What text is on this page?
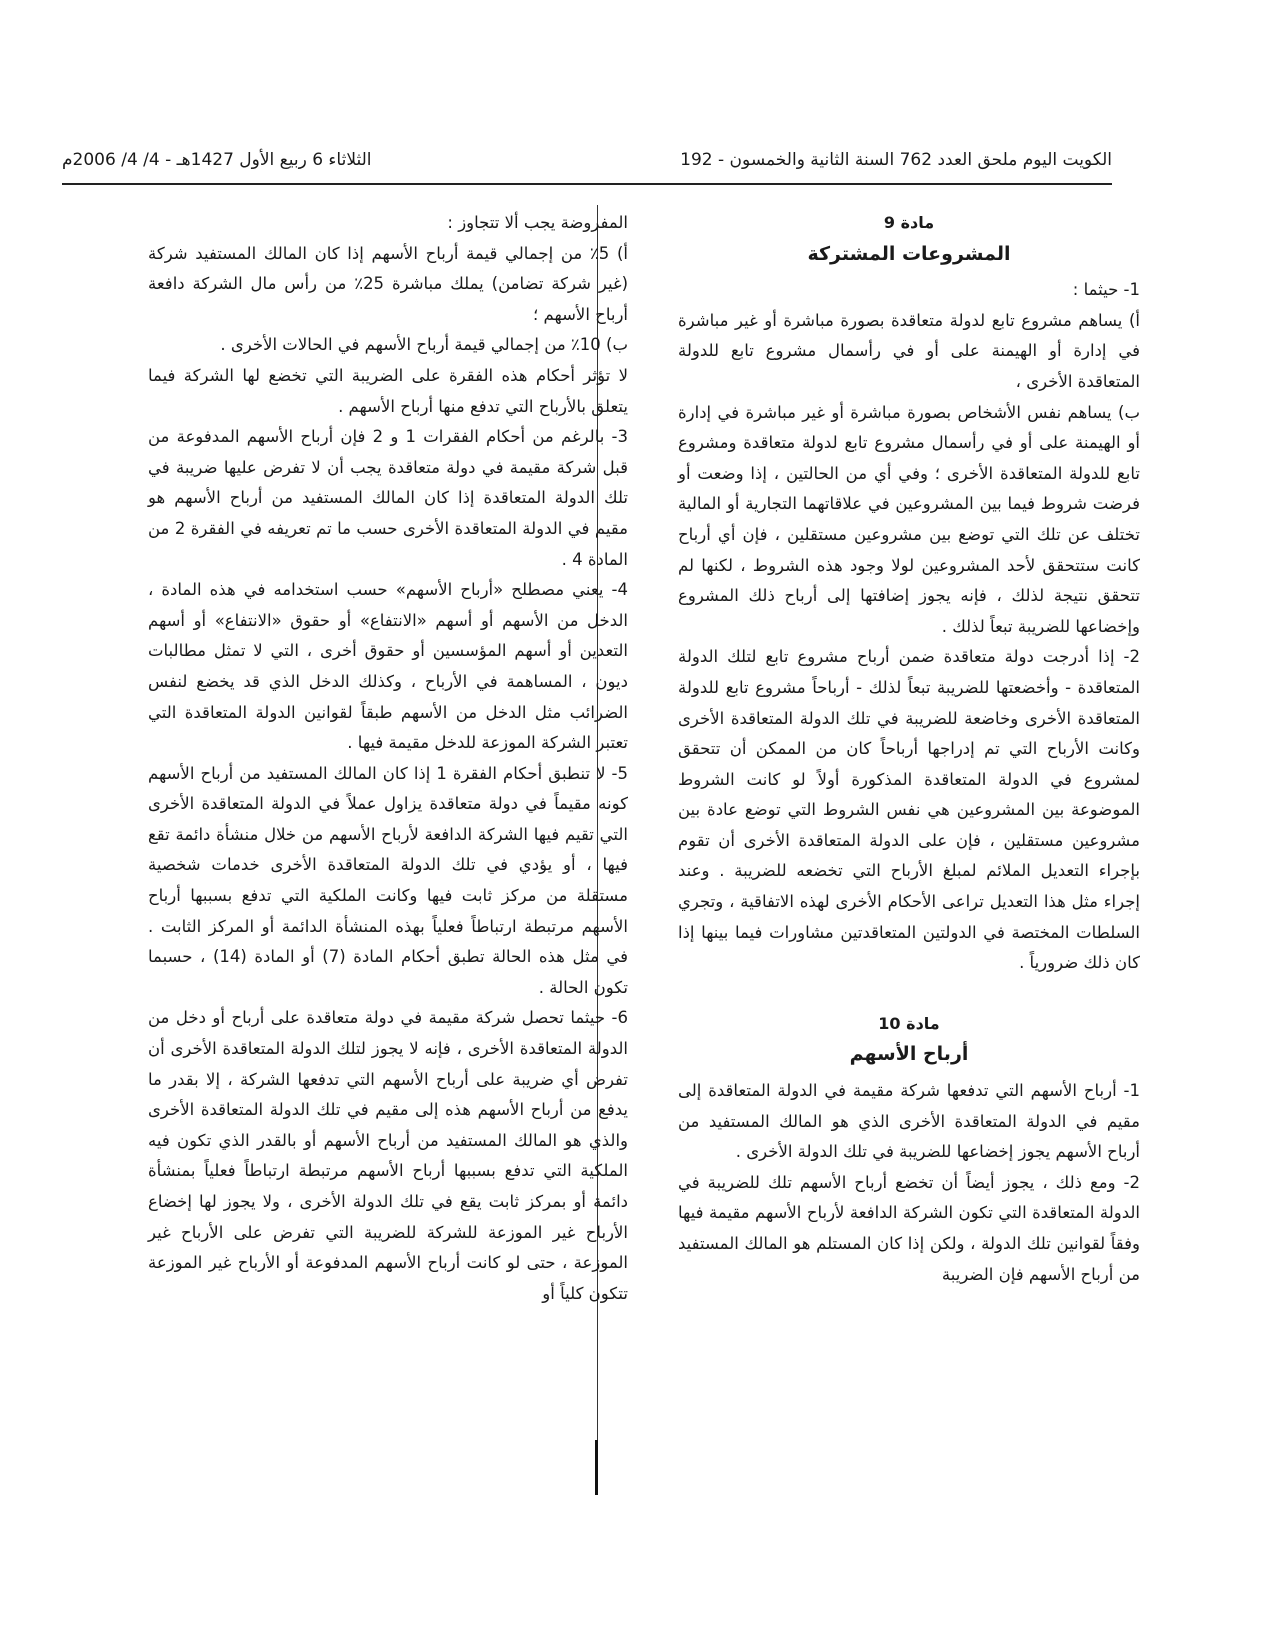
الكويت اليوم ملحق العدد 762 السنة الثانية والخمسون - 192
الثلاثاء 6 ربيع الأول 1427هـ - 4/ 4/ 2006م

مادة 9

المشروعات المشتركة

1- حيثما :

أ) يساهم مشروع تابع لدولة متعاقدة بصورة مباشرة أو غير مباشرة في إدارة أو الهيمنة على أو في رأسمال مشروع تابع للدولة المتعاقدة الأخرى ،

ب) يساهم نفس الأشخاص بصورة مباشرة أو غير مباشرة في إدارة أو الهيمنة على أو في رأسمال مشروع تابع لدولة متعاقدة ومشروع تابع للدولة المتعاقدة الأخرى ؛ وفي أي من الحالتين ، إذا وضعت أو فرضت شروط فيما بين المشروعين في علاقاتهما التجارية أو المالية تختلف عن تلك التي توضع بين مشروعين مستقلين ، فإن أي أرباح كانت ستتحقق لأحد المشروعين لولا وجود هذه الشروط ، لكنها لم تتحقق نتيجة لذلك ، فإنه يجوز إضافتها إلى أرباح ذلك المشروع وإخضاعها للضريبة تبعاً لذلك .

2- إذا أدرجت دولة متعاقدة ضمن أرباح مشروع تابع لتلك الدولة المتعاقدة - وأخضعتها للضريبة تبعاً لذلك - أرباحاً مشروع تابع للدولة المتعاقدة الأخرى وخاضعة للضريبة في تلك الدولة المتعاقدة الأخرى وكانت الأرباح التي تم إدراجها أرباحاً كان من الممكن أن تتحقق لمشروع في الدولة المتعاقدة المذكورة أولاً لو كانت الشروط الموضوعة بين المشروعين هي نفس الشروط التي توضع عادة بين مشروعين مستقلين ، فإن على الدولة المتعاقدة الأخرى أن تقوم بإجراء التعديل الملائم لمبلغ الأرباح التي تخضعه للضريبة . وعند إجراء مثل هذا التعديل تراعى الأحكام الأخرى لهذه الاتفاقية ، وتجري السلطات المختصة في الدولتين المتعاقدتين مشاورات فيما بينها إذا كان ذلك ضرورياً .

مادة 10

أرباح الأسهم

1- أرباح الأسهم التي تدفعها شركة مقيمة في الدولة المتعاقدة إلى مقيم في الدولة المتعاقدة الأخرى الذي هو المالك المستفيد من أرباح الأسهم يجوز إخضاعها للضريبة في تلك الدولة الأخرى .

2- ومع ذلك ، يجوز أيضاً أن تخضع أرباح الأسهم تلك للضريبة في الدولة المتعاقدة التي تكون الشركة الدافعة لأرباح الأسهم مقيمة فيها وفقاً لقوانين تلك الدولة ، ولكن إذا كان المستلم هو المالك المستفيد من أرباح الأسهم فإن الضريبة

المفروضة يجب ألا تتجاوز :

أ) 5٪ من إجمالي قيمة أرباح الأسهم إذا كان المالك المستفيد شركة (غير شركة تضامن) يملك مباشرة 25٪ من رأس مال الشركة دافعة أرباح الأسهم ؛

ب) 10٪ من إجمالي قيمة أرباح الأسهم في الحالات الأخرى .

لا تؤثر أحكام هذه الفقرة على الضريبة التي تخضع لها الشركة فيما يتعلق بالأرباح التي تدفع منها أرباح الأسهم .

3- بالرغم من أحكام الفقرات 1 و 2 فإن أرباح الأسهم المدفوعة من قبل شركة مقيمة في دولة متعاقدة يجب أن لا تفرض عليها ضريبة في تلك الدولة المتعاقدة إذا كان المالك المستفيد من أرباح الأسهم هو مقيم في الدولة المتعاقدة الأخرى حسب ما تم تعريفه في الفقرة 2 من المادة 4 .

4- يعني مصطلح «أرباح الأسهم» حسب استخدامه في هذه المادة ، الدخل من الأسهم أو أسهم «الانتفاع» أو حقوق «الانتفاع» أو أسهم التعدين أو أسهم المؤسسين أو حقوق أخرى ، التي لا تمثل مطالبات ديون ، المساهمة في الأرباح ، وكذلك الدخل الذي قد يخضع لنفس الضرائب مثل الدخل من الأسهم طبقاً لقوانين الدولة المتعاقدة التي تعتبر الشركة الموزعة للدخل مقيمة فيها .

5- لا تنطبق أحكام الفقرة 1 إذا كان المالك المستفيد من أرباح الأسهم كونه مقيماً في دولة متعاقدة يزاول عملاً في الدولة المتعاقدة الأخرى التي تقيم فيها الشركة الدافعة لأرباح الأسهم من خلال منشأة دائمة تقع فيها ، أو يؤدي في تلك الدولة المتعاقدة الأخرى خدمات شخصية مستقلة من مركز ثابت فيها وكانت الملكية التي تدفع بسببها أرباح الأسهم مرتبطة ارتباطاً فعلياً بهذه المنشأة الدائمة أو المركز الثابت . في مثل هذه الحالة تطبق أحكام المادة (7) أو المادة (14) ، حسبما تكون الحالة .

6- حيثما تحصل شركة مقيمة في دولة متعاقدة على أرباح أو دخل من الدولة المتعاقدة الأخرى ، فإنه لا يجوز لتلك الدولة المتعاقدة الأخرى أن تفرض أي ضريبة على أرباح الأسهم التي تدفعها الشركة ، إلا بقدر ما يدفع من أرباح الأسهم هذه إلى مقيم في تلك الدولة المتعاقدة الأخرى والذي هو المالك المستفيد من أرباح الأسهم أو بالقدر الذي تكون فيه الملكية التي تدفع بسببها أرباح الأسهم مرتبطة ارتباطاً فعلياً بمنشأة دائمة أو بمركز ثابت يقع في تلك الدولة الأخرى ، ولا يجوز لها إخضاع الأرباح غير الموزعة للشركة للضريبة التي تفرض على الأرباح غير الموزعة ، حتى لو كانت أرباح الأسهم المدفوعة أو الأرباح غير الموزعة تتكون كلياً أو
